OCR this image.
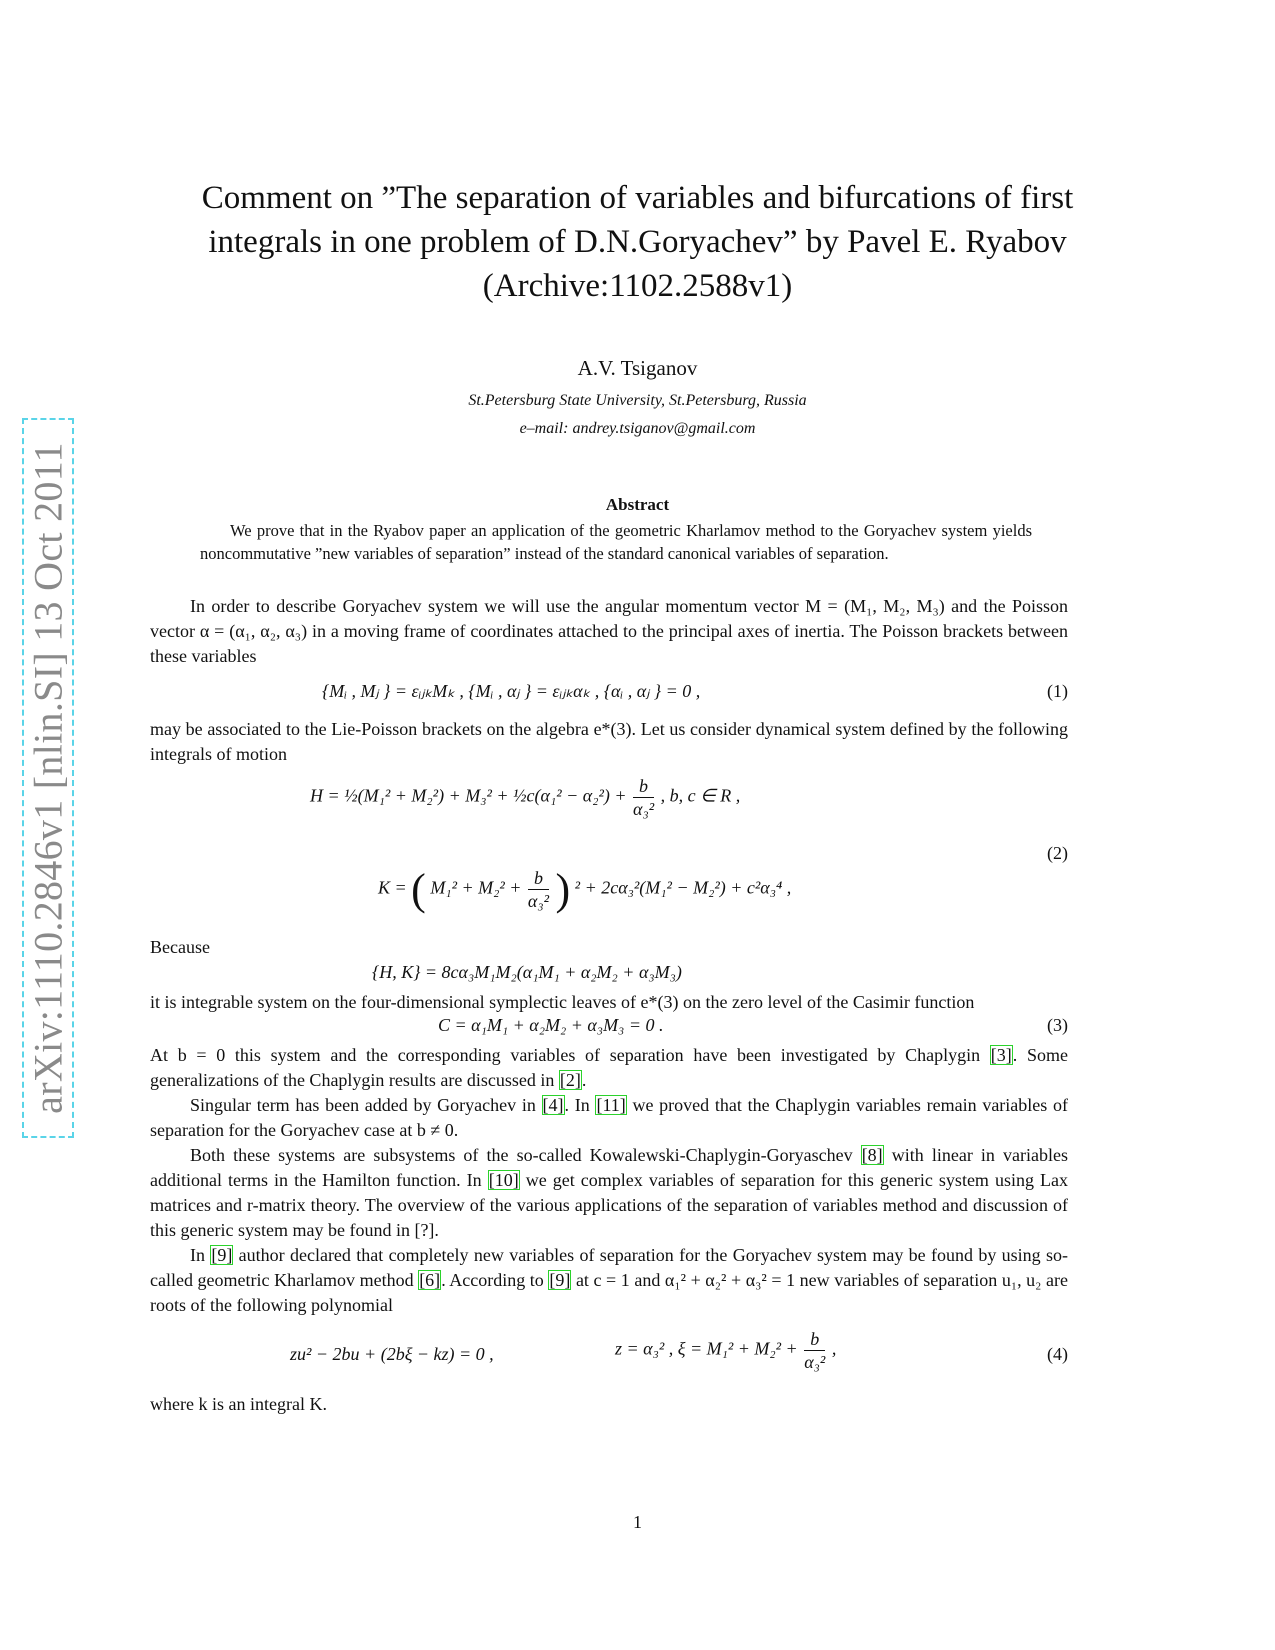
arXiv:1110.2846v1 [nlin.SI] 13 Oct 2011
Comment on ”The separation of variables and bifurcations of first integrals in one problem of D.N.Goryachev” by Pavel E. Ryabov (Archive:1102.2588v1)
A.V. Tsiganov
St.Petersburg State University, St.Petersburg, Russia
e–mail: andrey.tsiganov@gmail.com
Abstract
We prove that in the Ryabov paper an application of the geometric Kharlamov method to the Goryachev system yields noncommutative ”new variables of separation” instead of the standard canonical variables of separation.

In order to describe Goryachev system we will use the angular momentum vector M = (M₁, M₂, M₃) and the Poisson vector α = (α₁, α₂, α₃) in a moving frame of coordinates attached to the principal axes of inertia. The Poisson brackets between these variables

{Mᵢ , Mⱼ } = εᵢⱼₖMₖ , {Mᵢ , αⱼ } = εᵢⱼₖαₖ , {αᵢ , αⱼ } = 0 ,	(1)

may be associated to the Lie-Poisson brackets on the algebra e*(3). Let us consider dynamical system defined by the following integrals of motion

H = ½(M₁² + M₂²) + M₃² + ½c(α₁² − $\alpha_2^2) + \frac{b}{\text{α₃²}}$ , b, c ∈ R ,
(2)
K = ( $M_1^2 + M_2^2 + \frac{b}{\text{α₃²}}$ ) ² + 2cα₃²(M₁² − M₂²) + c²α₃⁴ ,

Because

{H, K} = 8cα₃M₁M₂(α₁M₁ + α₂M₂ + α₃M₃)

it is integrable system on the four-dimensional symplectic leaves of e*(3) on the zero level of the Casimir function

C = α₁M₁ + α₂M₂ + α₃M₃ = 0 .	(3)

At b = 0 this system and the corresponding variables of separation have been investigated by Chaplygin [3]. Some generalizations of the Chaplygin results are discussed in [2].

Singular term has been added by Goryachev in [4]. In [11] we proved that the Chaplygin variables remain variables of separation for the Goryachev case at b ≠ 0.

Both these systems are subsystems of the so-called Kowalewski-Chaplygin-Goryaschev [8] with linear in variables additional terms in the Hamilton function. In [10] we get complex variables of separation for this generic system using Lax matrices and r-matrix theory. The overview of the various applications of the separation of variables method and discussion of this generic system may be found in [?].

In [9] author declared that completely new variables of separation for the Goryachev system may be found by using so-called geometric Kharlamov method [6]. According to [9] at c = 1 and α₁² + α₂² + α₃² = 1 new variables of separation u₁, u₂ are roots of the following polynomial

zu² − 2bu + (2bξ − kz) = 0 ,	z = α₃² , $\xi = M_1^2 + M_2^2 + \frac{b}{\text{α₃²}}$ ,	(4)

where k is an integral K.

1
